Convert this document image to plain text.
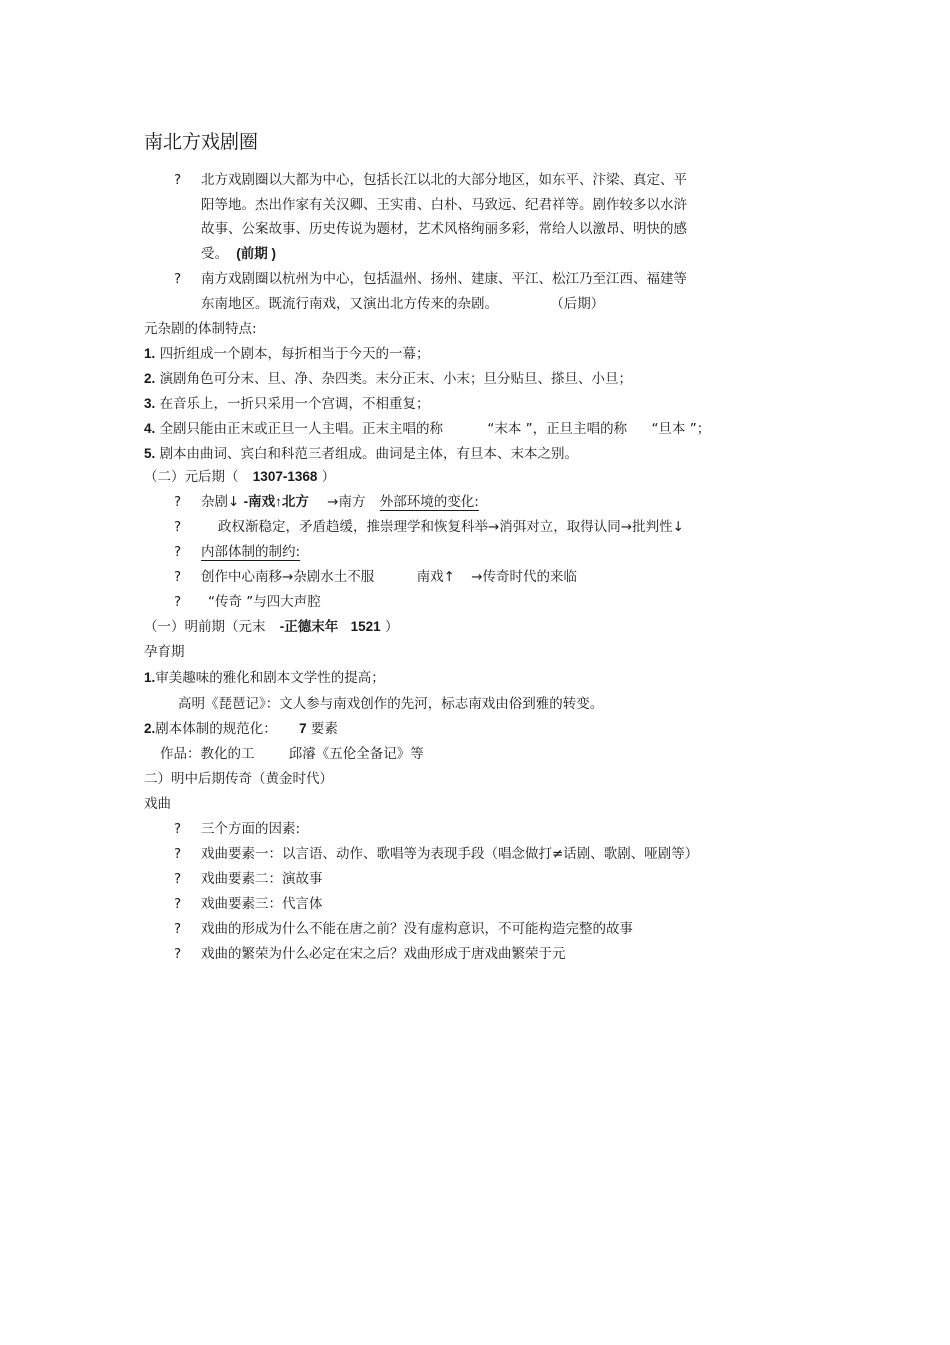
南北方戏剧圈
? 北方戏剧圈以大都为中心，包括长江以北的大部分地区，如东平、汴梁、真定、平
阳等地。杰出作家有关汉卿、王实甫、白朴、马致远、纪君祥等。剧作较多以水浒
故事、公案故事、历史传说为题材，艺术风格绚丽多彩，常给人以激昂、明快的感
受。 (前期 )
? 南方戏剧圈以杭州为中心，包括温州、扬州、建康、平江、松江乃至江西、福建等
东南地区。既流行南戏，又演出北方传来的杂剧。	（后期）
元杂剧的体制特点:
1. 四折组成一个剧本，每折相当于今天的一幕；
2. 演剧角色可分末、旦、净、杂四类。末分正末、小末；旦分贴旦、搽旦、小旦；
3. 在音乐上，一折只采用一个宫调，不相重复；
4. 全剧只能由正末或正旦一人主唱。正末主唱的称	“末本 ”，正旦主唱的称 “旦本 ”；
5. 剧本由曲词、宾白和科范三者组成。曲词是主体，有旦本、末本之别。
（二）元后期（ 1307-1368 ）
? 杂剧↓ -南戏↑北方 →南方 外部环境的变化:
?	政权渐稳定，矛盾趋缓，推崇理学和恢复科举→消弭对立，取得认同→批判性↓
? 内部体制的制约:
? 创作中心南移→杂剧水土不服	南戏↑ →传奇时代的来临
? “传奇 ”与四大声腔
（一）明前期（元末 -正德末年 1521 ）
孕育期
1.审美趣味的雅化和剧本文学性的提高；
高明《琵琶记》：文人参与南戏创作的先河，标志南戏由俗到雅的转变。
2.剧本体制的规范化： 7 要素
作品：教化的工	邱濬《五伦全备记》等
二）明中后期传奇（黄金时代）
戏曲
? 三个方面的因素:
? 戏曲要素一：以言语、动作、歌唱等为表现手段（唱念做打≠话剧、歌剧、哑剧等）
? 戏曲要素二：演故事
? 戏曲要素三：代言体
? 戏曲的形成为什么不能在唐之前？没有虚构意识，不可能构造完整的故事
? 戏曲的繁荣为什么必定在宋之后？戏曲形成于唐戏曲繁荣于元
